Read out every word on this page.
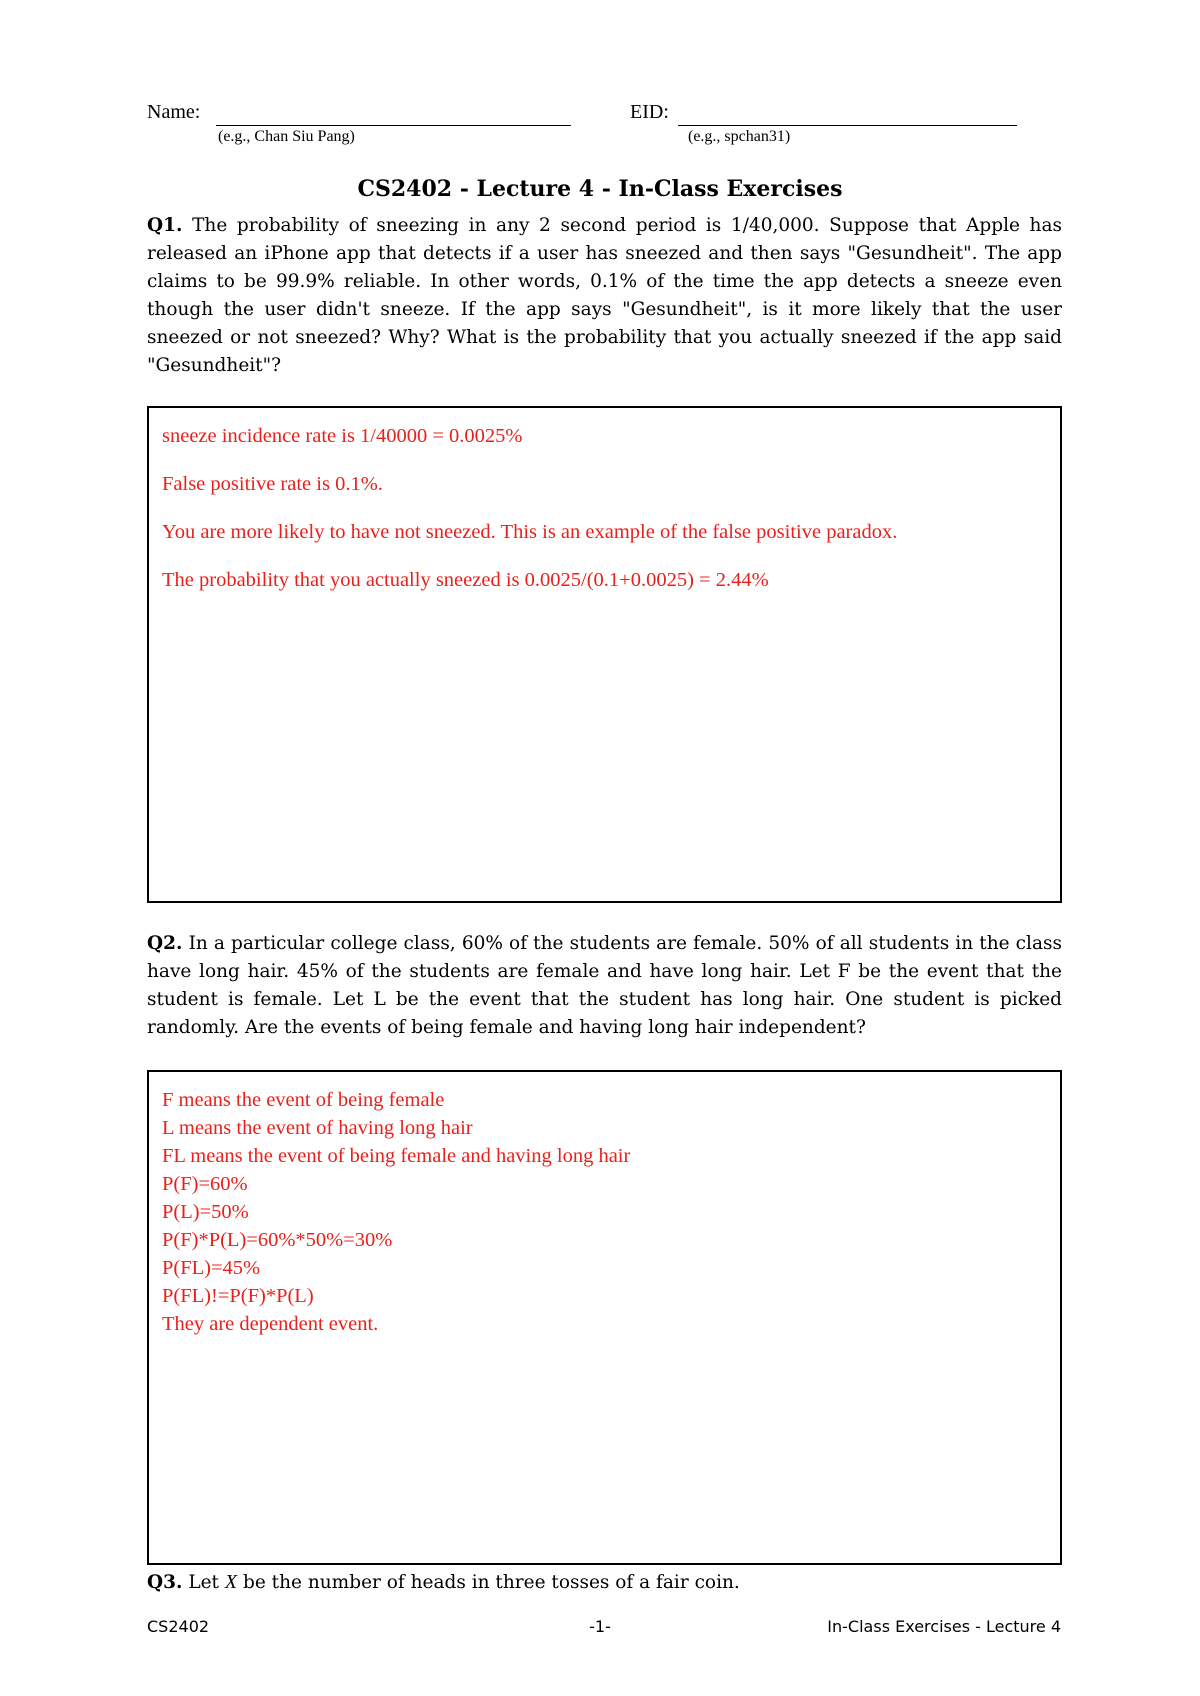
Name:
(e.g., Chan Siu Pang)
EID:
(e.g., spchan31)
CS2402 - Lecture 4 - In-Class Exercises
Q1. The probability of sneezing in any 2 second period is 1/40,000. Suppose that Apple has released an iPhone app that detects if a user has sneezed and then says "Gesundheit". The app claims to be 99.9% reliable. In other words, 0.1% of the time the app detects a sneeze even though the user didn't sneeze. If the app says "Gesundheit", is it more likely that the user sneezed or not sneezed? Why? What is the probability that you actually sneezed if the app said "Gesundheit"?

sneeze incidence rate is 1/40000 = 0.0025%

False positive rate is 0.1%.

You are more likely to have not sneezed. This is an example of the false positive paradox.

The probability that you actually sneezed is 0.0025/(0.1+0.0025) = 2.44%

Q2. In a particular college class, 60% of the students are female. 50% of all students in the class have long hair. 45% of the students are female and have long hair. Let F be the event that the student is female. Let L be the event that the student has long hair. One student is picked randomly. Are the events of being female and having long hair independent?
F means the event of being female
L means the event of having long hair
FL means the event of being female and having long hair
P(F)=60%
P(L)=50%
P(F)*P(L)=60%*50%=30%
P(FL)=45%
P(FL)!=P(F)*P(L)
They are dependent event.
Q3. Let X be the number of heads in three tosses of a fair coin.
CS2402	-1-	In-Class Exercises - Lecture 4
